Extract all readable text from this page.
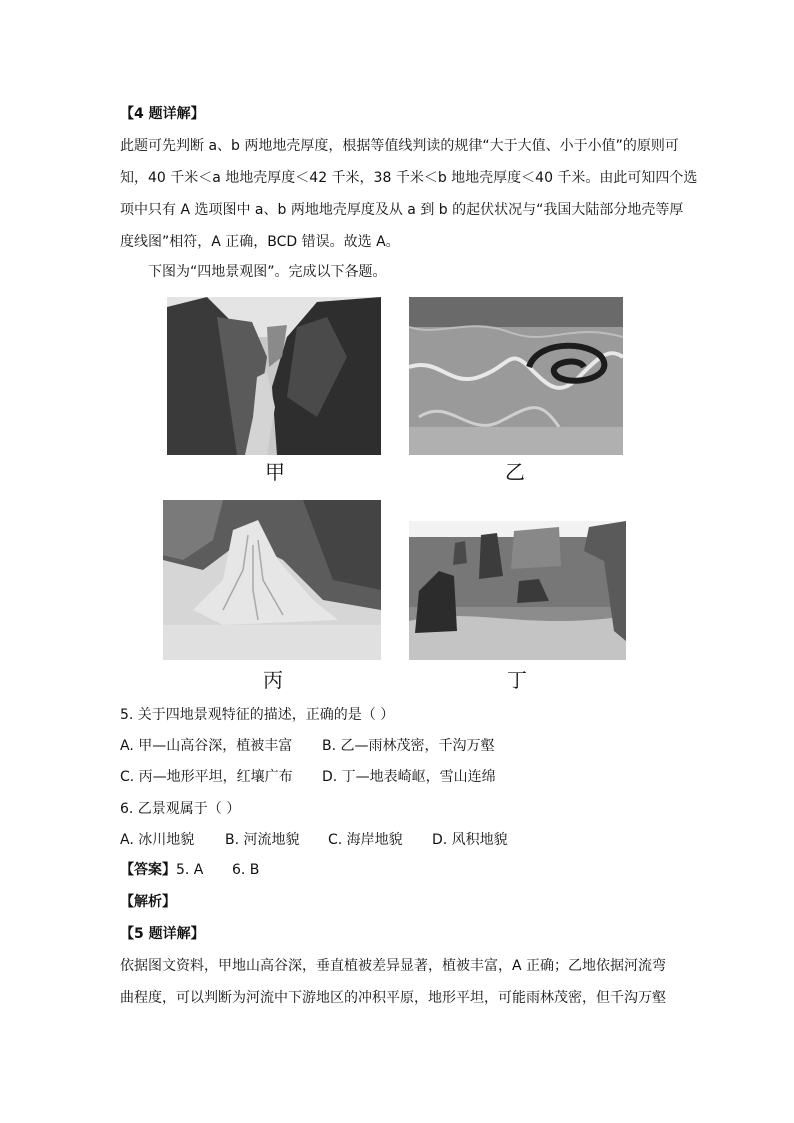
【4 题详解】
此题可先判断 a、b 两地地壳厚度，根据等值线判读的规律“大于大值、小于小值”的原则可
知，40 千米＜a 地地壳厚度＜42 千米，38 千米＜b 地地壳厚度＜40 千米。由此可知四个选
项中只有 A 选项图中 a、b 两地地壳厚度及从 a 到 b 的起伏状况与“我国大陆部分地壳等厚
度线图”相符，A 正确，BCD 错误。故选 A。
下图为“四地景观图”。完成以下各题。
甲	乙
丙	丁
5. 关于四地景观特征的描述，正确的是（ ）
A. 甲—山高谷深，植被丰富 B. 乙—雨林茂密，千沟万壑
C. 丙—地形平坦，红壤广布 D. 丁—地表崎岖，雪山连绵
6. 乙景观属于（ ）
A. 冰川地貌 B. 河流地貌 C. 海岸地貌 D. 风积地貌
【答案】5. A 6. B
【解析】
【5 题详解】
依据图文资料，甲地山高谷深，垂直植被差异显著，植被丰富，A 正确；乙地依据河流弯
曲程度，可以判断为河流中下游地区的冲积平原，地形平坦，可能雨林茂密，但千沟万壑
